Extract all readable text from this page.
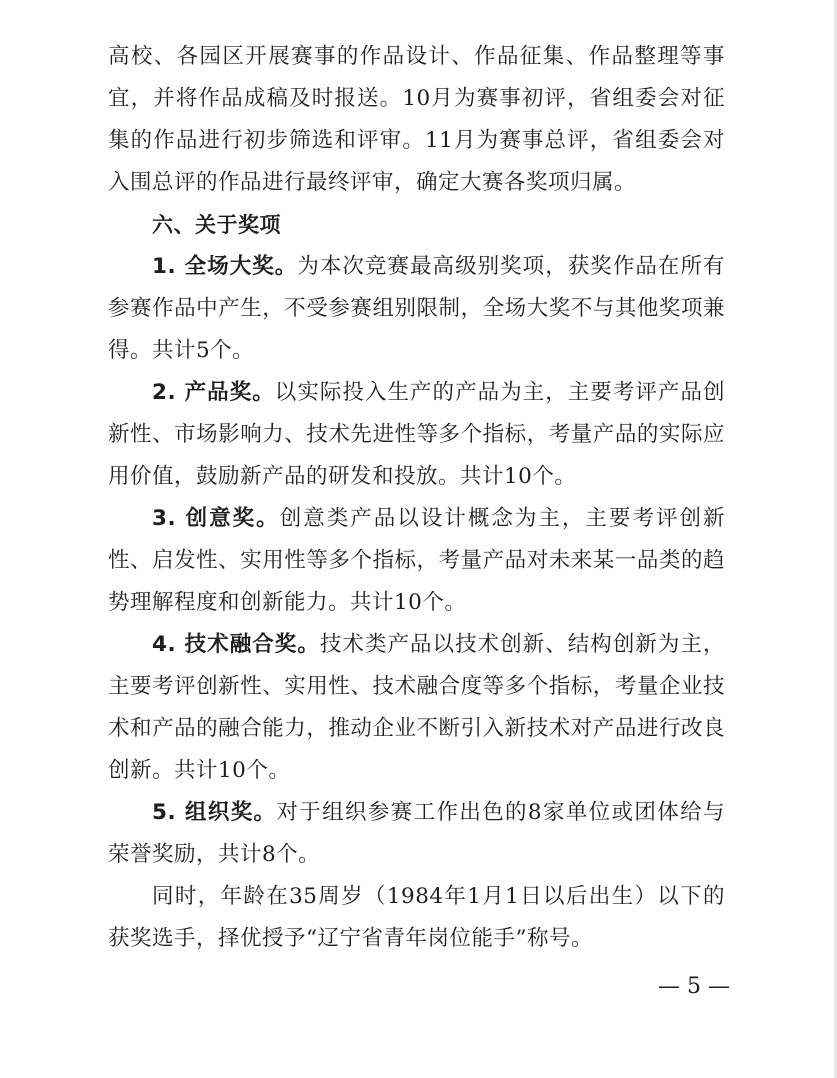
高校、各园区开展赛事的作品设计、作品征集、作品整理等事宜，并将作品成稿及时报送。10月为赛事初评，省组委会对征集的作品进行初步筛选和评审。11月为赛事总评，省组委会对入围总评的作品进行最终评审，确定大赛各奖项归属。

六、关于奖项

1. 全场大奖。为本次竞赛最高级别奖项，获奖作品在所有参赛作品中产生，不受参赛组别限制，全场大奖不与其他奖项兼得。共计5个。

2. 产品奖。以实际投入生产的产品为主，主要考评产品创新性、市场影响力、技术先进性等多个指标，考量产品的实际应用价值，鼓励新产品的研发和投放。共计10个。

3. 创意奖。创意类产品以设计概念为主，主要考评创新性、启发性、实用性等多个指标，考量产品对未来某一品类的趋势理解程度和创新能力。共计10个。

4. 技术融合奖。技术类产品以技术创新、结构创新为主，主要考评创新性、实用性、技术融合度等多个指标，考量企业技术和产品的融合能力，推动企业不断引入新技术对产品进行改良创新。共计10个。

5. 组织奖。对于组织参赛工作出色的8家单位或团体给与荣誉奖励，共计8个。

同时，年龄在35周岁（1984年1月1日以后出生）以下的获奖选手，择优授予“辽宁省青年岗位能手”称号。

— 5 —
